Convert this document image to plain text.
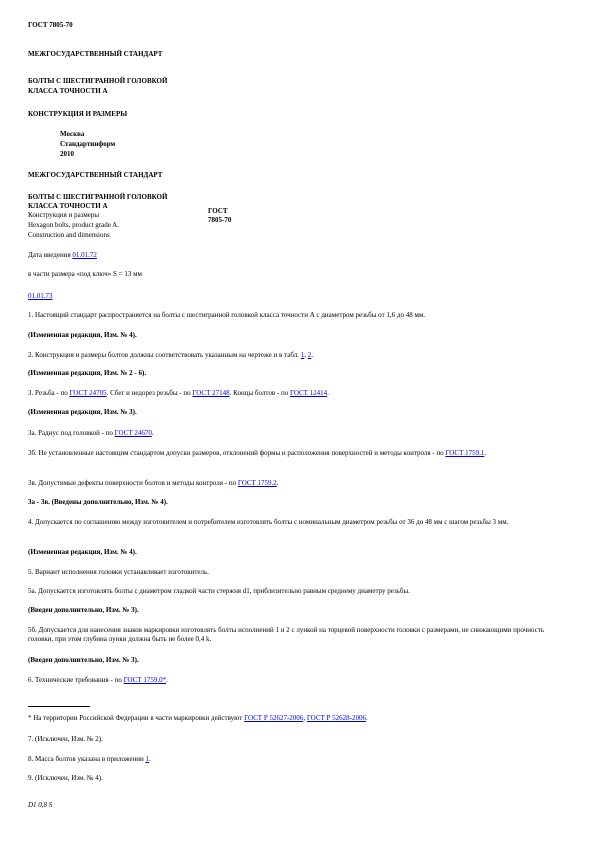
ГОСТ 7805-70
МЕЖГОСУДАРСТВЕННЫЙ СТАНДАРТ
БОЛТЫ С ШЕСТИГРАННОЙ ГОЛОВКОЙ
КЛАССА ТОЧНОСТИ А
КОНСТРУКЦИЯ И РАЗМЕРЫ
Москва
Стандартинформ
2010
МЕЖГОСУДАРСТВЕННЫЙ СТАНДАРТ
БОЛТЫ С ШЕСТИГРАННОЙ ГОЛОВКОЙ
КЛАССА ТОЧНОСТИ А
Конструкция и размеры
Hexagon bolts, product grade A.
Construction and dimensions
ГОСТ
7805-70
Дата введения 01.01.72
в части размера «под ключ» S = 13 мм
01.01.73
1. Настоящий стандарт распространяется на болты с шестигранной головкой класса точности А с диаметром резьбы от 1,6 до 48 мм.
(Измененная редакция, Изм. № 4).
2. Конструкция и размеры болтов должны соответствовать указанным на чертеже и в табл. 1, 2.
(Измененная редакция, Изм. № 2 - 6).
3. Резьба - по ГОСТ 24705. Сбег и недорез резьбы - по ГОСТ 27148. Концы болтов - по ГОСТ 12414.
(Измененная редакция, Изм. № 3).
3а. Радиус под головкой - по ГОСТ 24670.
3б. Не установленные настоящим стандартом допуски размеров, отклонений формы и расположения поверхностей и методы контроля - по ГОСТ 1759.1.
3в. Допустимые дефекты поверхности болтов и методы контроля - по ГОСТ 1759.2.
3а - 3в. (Введены дополнительно, Изм. № 4).
4. Допускается по соглашению между изготовителем и потребителем изготовлять болты с номинальным диаметром резьбы от 36 до 48 мм с шагом резьбы 3 мм.
(Измененная редакция, Изм. № 4).
5. Вариант исполнения головки устанавливает изготовитель.
5а. Допускается изготовлять болты с диаметром гладкой части стержня d1, приблизительно равным среднему диаметру резьбы.
(Введен дополнительно, Изм. № 3).
5б. Допускается для нанесения знаков маркировки изготовлять болты исполнений 1 и 2 с лункой на торцевой поверхности головки с размерами, не снижающими прочность головки, при этом глубина лунки должна быть не более 0,4 k.
(Введен дополнительно, Изм. № 3).
6. Технические требования - по ГОСТ 1759.0*.
* На территории Российской Федерации в части маркировки действуют ГОСТ Р 52627-2006, ГОСТ Р 52628-2006.
7. (Исключен, Изм. № 2).
8. Масса болтов указана в приложении 1.
9. (Исключен, Изм. № 4).
D1 0,8 S
